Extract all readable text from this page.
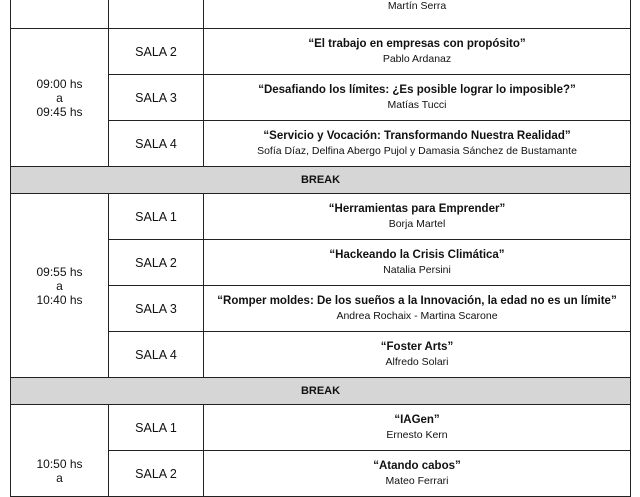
		Martín Serra

09:00 hs
a
09:45 hs	SALA 2	“El trabajo en empresas con propósito”
Pablo Ardanaz

	SALA 3	“Desafiando los límites: ¿Es posible lograr lo imposible?”
Matías Tucci

	SALA 4	“Servicio y Vocación: Transformando Nuestra Realidad”
Sofía Díaz, Delfina Abergo Pujol y Damasia Sánchez de Bustamante

BREAK		

09:55 hs
a
10:40 hs	SALA 1	“Herramientas para Emprender”
Borja Martel

	SALA 2	“Hackeando la Crisis Climática”
Natalia Persini

	SALA 3	“Romper moldes: De los sueños a la Innovación, la edad no es un límite”
Andrea Rochaix - Martina Scarone

	SALA 4	“Foster Arts”
Alfredo Solari

BREAK		

10:50 hs
a	SALA 1	“IAGen”
Ernesto Kern

	SALA 2	“Atando cabos”
Mateo Ferrari
